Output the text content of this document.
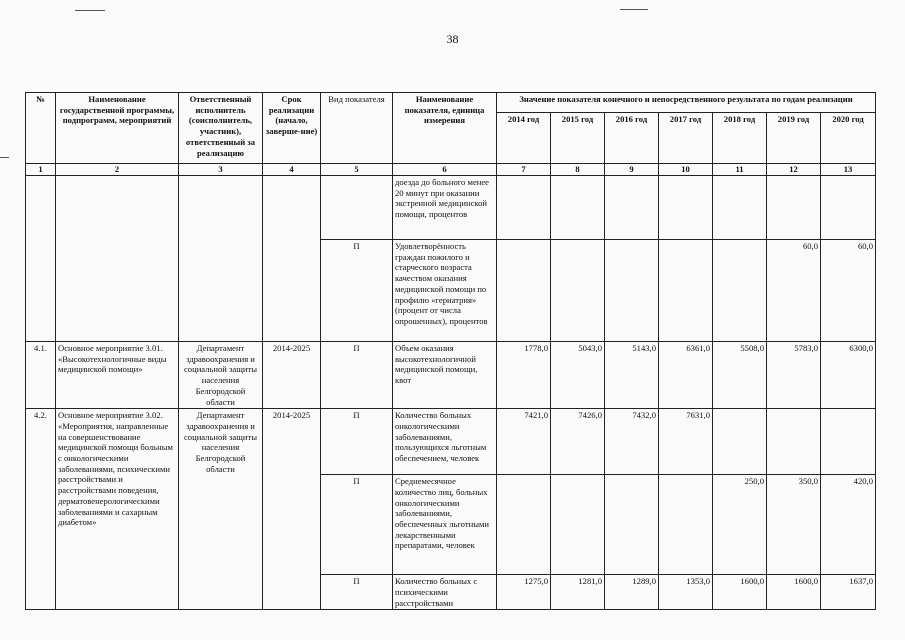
38
№	Наименование государственной программы, подпрограмм, мероприятий	Ответственный исполнитель (соисполнитель, участник), ответственный за реализацию	Срок реализации (начало, заверше-ние)	Вид показателя	Наименование показателя, единица измерения	Значение показателя конечного и непосредственного результата по годам реализации						
						2014 год	2015 год	2016 год	2017 год	2018 год	2019 год	2020 год
1	2	3	4	5	6	7	8	9	10	11	12	13
					доезда до больного менее 20 минут при оказании экстренной медицинской помощи, процентов							
				П	Удовлетворённость граждан пожилого и старческого возраста качеством оказания медицинской помощи по профилю «гериатрия» (процент от числа опрошенных), процентов						60,0	60,0
4.1.	Основное мероприятие 3.01. «Высокотехнологичные виды медицинской помощи»	Департамент здравоохранения и социальной защиты населения Белгородской области	2014-2025	П	Объем оказания высокотехнологичной медицинской помощи, квот	1778,0	5043,0	5143,0	6361,0	5508,0	5783,0	6300,0
4.2.	Основное мероприятие 3.02. «Мероприятия, направленные на совершенствование медицинской помощи больным с онкологическими заболеваниями, психическими расстройствами и расстройствами поведения, дерматовенерологическими заболеваниями и сахарным диабетом»	Департамент здравоохранения и социальной защиты населения Белгородской области	2014-2025	П	Количество больных онкологическими заболеваниями, пользующихся льготным обеспечением, человек	7421,0	7426,0	7432,0	7631,0			
				П	Среднемесячное количество лиц, больных онкологическими заболеваниями, обеспеченных льготными лекарственными препаратами, человек					250,0	350,0	420,0
				П	Количество больных с психическими расстройствами	1275,0	1281,0	1289,0	1353,0	1600,0	1600,0	1637,0
